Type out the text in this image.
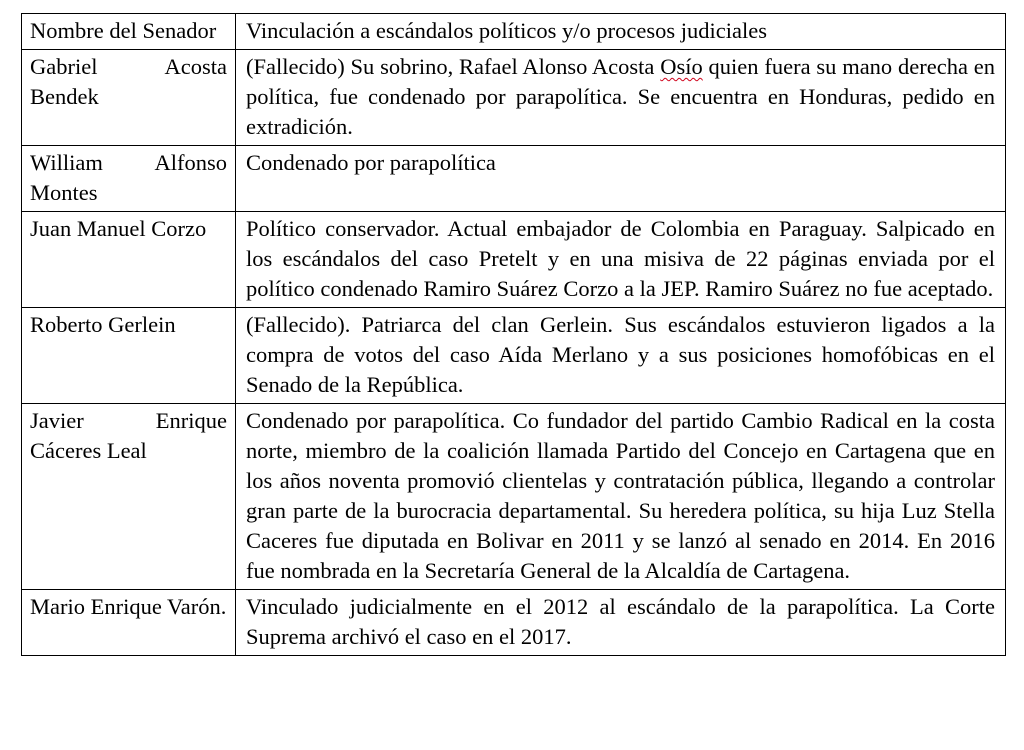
Nombre del Senador	Vinculación a escándalos políticos y/o procesos judiciales
Gabriel Acosta Bendek	(Fallecido) Su sobrino, Rafael Alonso Acosta Osío quien fuera su mano derecha en política, fue condenado por parapolítica. Se encuentra en Honduras, pedido en extradición.
William Alfonso Montes	Condenado por parapolítica
Juan Manuel Corzo	Político conservador. Actual embajador de Colombia en Paraguay. Salpicado en los escándalos del caso Pretelt y en una misiva de 22 páginas enviada por el político condenado Ramiro Suárez Corzo a la JEP. Ramiro Suárez no fue aceptado.
Roberto Gerlein	(Fallecido). Patriarca del clan Gerlein. Sus escándalos estuvieron ligados a la compra de votos del caso Aída Merlano y a sus posiciones homofóbicas en el Senado de la República.
Javier Enrique Cáceres Leal	Condenado por parapolítica. Co fundador del partido Cambio Radical en la costa norte, miembro de la coalición llamada Partido del Concejo en Cartagena que en los años noventa promovió clientelas y contratación pública, llegando a controlar gran parte de la burocracia departamental. Su heredera política, su hija Luz Stella Caceres fue diputada en Bolivar en 2011 y se lanzó al senado en 2014. En 2016 fue nombrada en la Secretaría General de la Alcaldía de Cartagena.
Mario Enrique Varón.	Vinculado judicialmente en el 2012 al escándalo de la parapolítica. La Corte Suprema archivó el caso en el 2017.
